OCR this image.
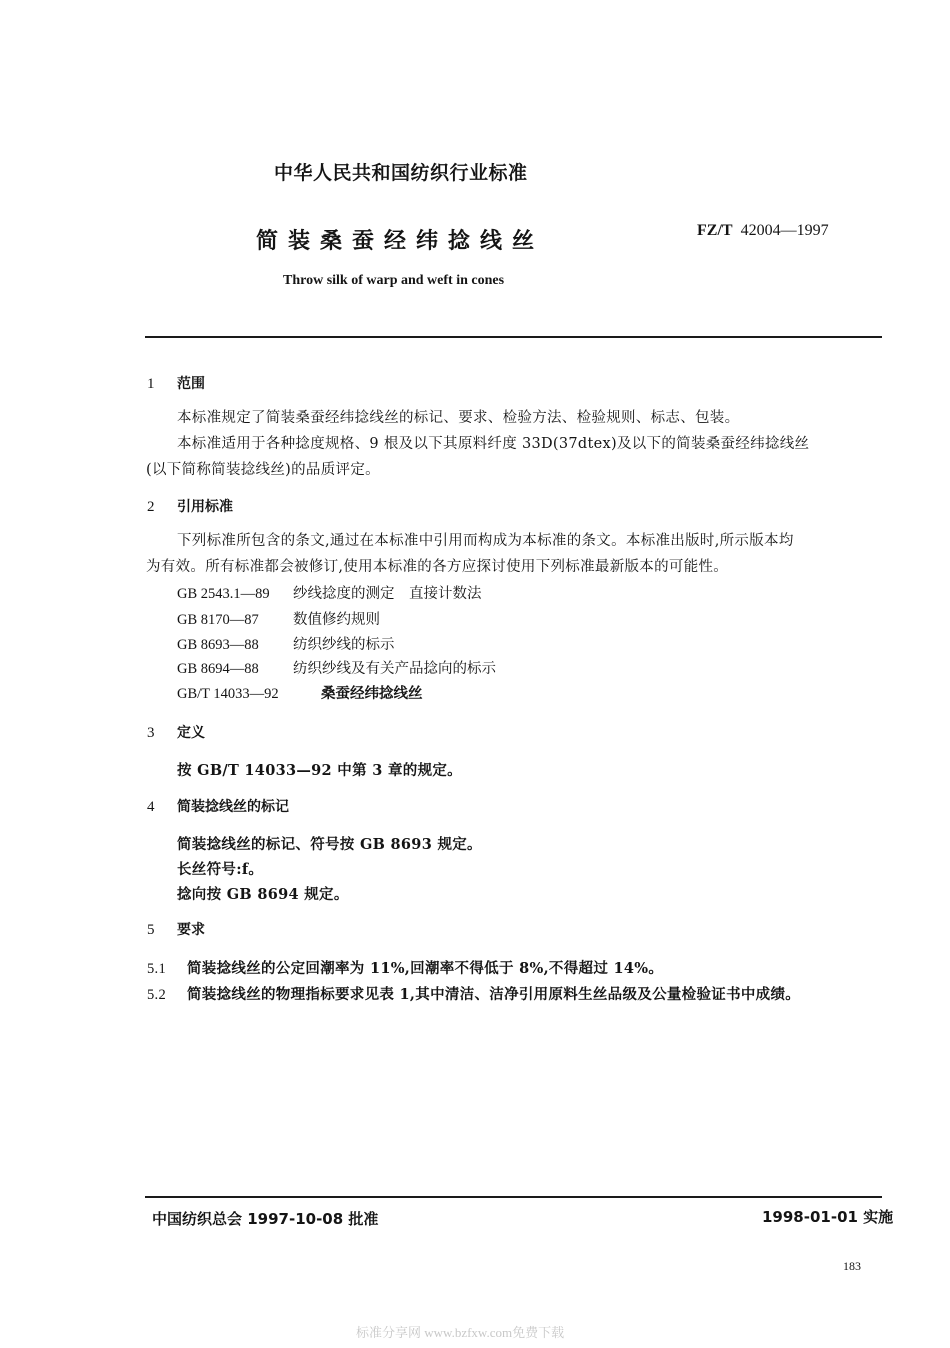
中华人民共和国纺织行业标准
简装桑蚕经纬捻线丝	FZ/T 42004—1997
Throw silk of warp and weft in cones
1 范围
本标准规定了简装桑蚕经纬捻线丝的标记、要求、检验方法、检验规则、标志、包装。
本标准适用于各种捻度规格、9 根及以下其原料纤度 33D(37dtex)及以下的简装桑蚕经纬捻线丝
(以下简称简装捻线丝)的品质评定。
2 引用标准
下列标准所包含的条文,通过在本标准中引用而构成为本标准的条文。本标准出版时,所示版本均
为有效。所有标准都会被修订,使用本标准的各方应探讨使用下列标准最新版本的可能性。
GB 2543.1—89 纱线捻度的测定　直接计数法
GB 8170—87 数值修约规则
GB 8693—88 纺织纱线的标示
GB 8694—88 纺织纱线及有关产品捻向的标示
GB/T 14033—92	桑蚕经纬捻线丝
3 定义
按 GB/T 14033—92 中第 3 章的规定。
4 简装捻线丝的标记
简装捻线丝的标记、符号按 GB 8693 规定。
长丝符号:f。
捻向按 GB 8694 规定。
5 要求
5.1 简装捻线丝的公定回潮率为 11%,回潮率不得低于 8%,不得超过 14%。
5.2 简装捻线丝的物理指标要求见表 1,其中清洁、洁净引用原料生丝品级及公量检验证书中成绩。
中国纺织总会 1997-10-08 批准	1998-01-01 实施
183
标准分享网 www.bzfxw.com免费下载
